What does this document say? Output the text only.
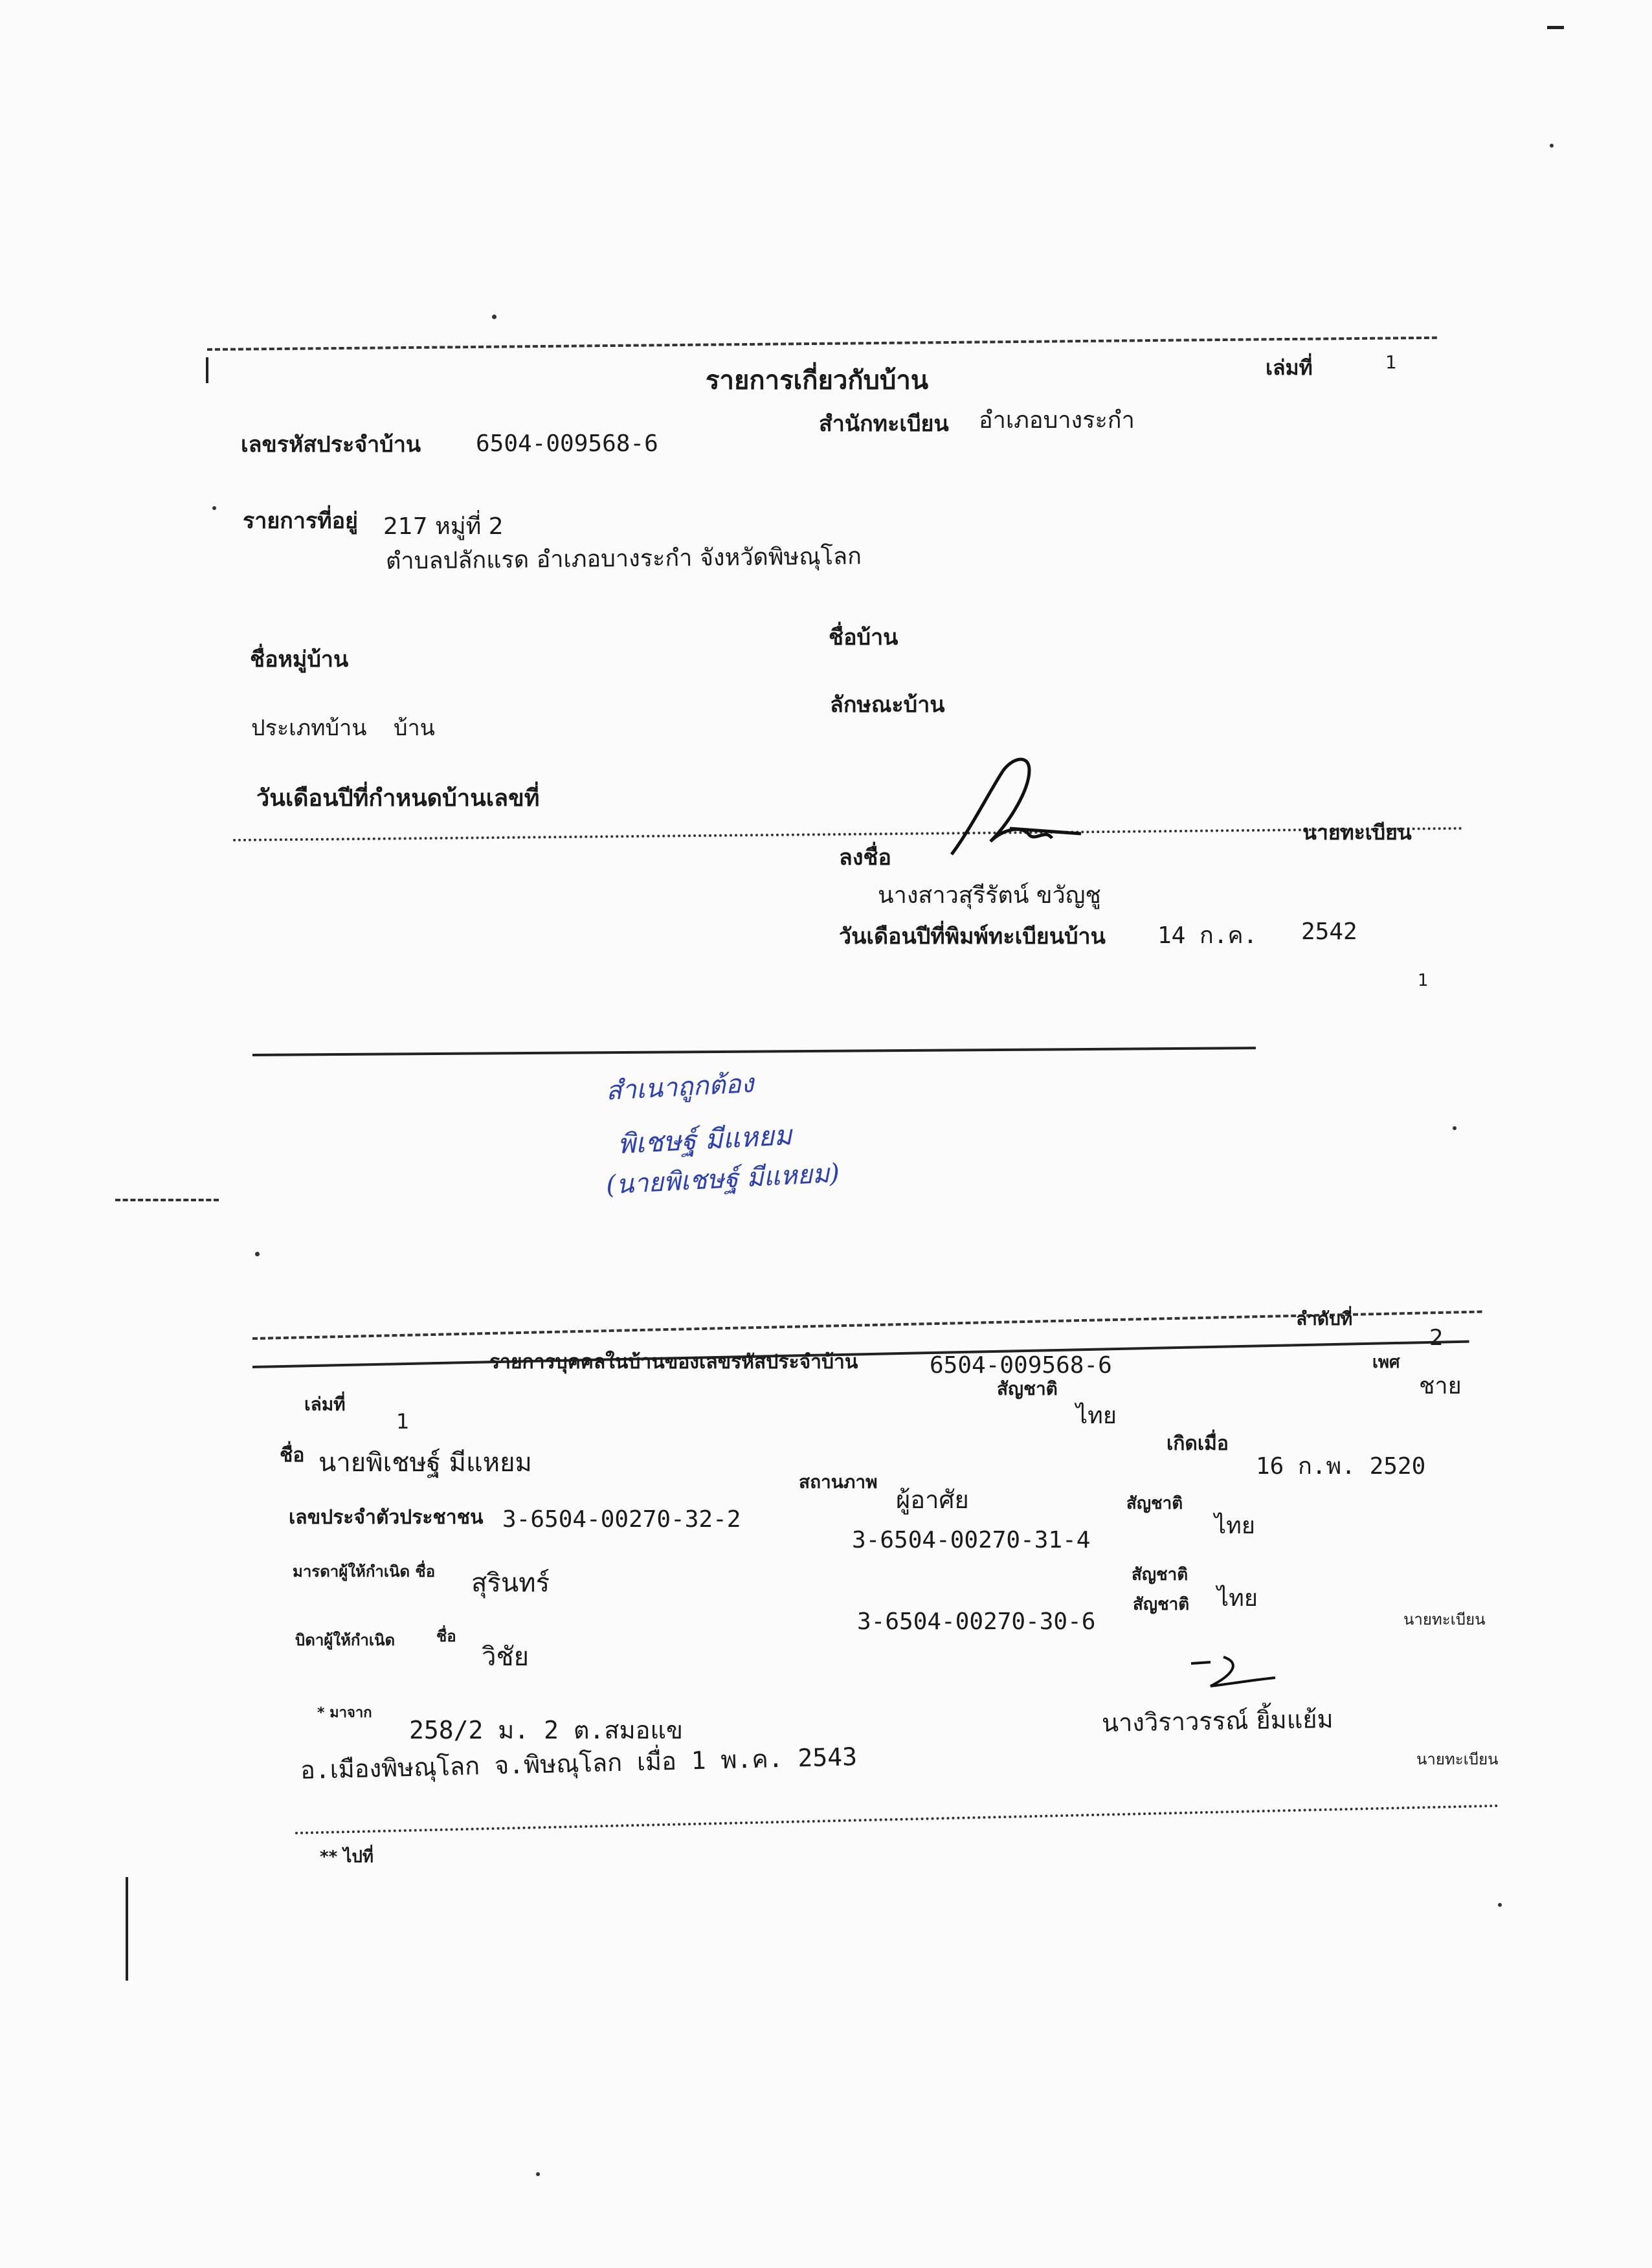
รายการเกี่ยวกับบ้าน	เล่มที่	1
เลขรหัสประจำบ้าน 6504-009568-6
สำนักทะเบียน อำเภอบางระกำ
รายการที่อยู่ 217 หมู่ที่ 2
ตำบลปลักแรด อำเภอบางระกำ จังหวัดพิษณุโลก
ชื่อหมู่บ้าน
ชื่อบ้าน
ประเภทบ้าน บ้าน
ลักษณะบ้าน
วันเดือนปีที่กำหนดบ้านเลขที่
ลงชื่อ
นายทะเบียน
นางสาวสุรีรัตน์ ขวัญชู
วันเดือนปีที่พิมพ์ทะเบียนบ้าน 14 ก.ค. 2542
1
สำเนาถูกต้อง
พิเชษฐ์ มีแหยม
(นายพิเชษฐ์ มีแหยม)
ลำดับที่
2
เล่มที่
1
รายการบุคคลในบ้านของเลขรหัสประจำบ้าน	6504-009568-6	เพศ
ชาย
สัญชาติ
ไทย
ชื่อ นายพิเชษฐ์ มีแหยม
เกิดเมื่อ
16 ก.พ. 2520
สถานภาพ
ผู้อาศัย	สัญชาติ
ไทย
เลขประจำตัวประชาชน 3-6504-00270-32-2
มารดาผู้ให้กำเนิด ชื่อ สุรินทร์
3-6504-00270-31-4
สัญชาติ
ไทย
บิดาผู้ให้กำเนิด	ชื่อ
วิชัย
3-6504-00270-30-6
สัญชาติ
นายทะเบียน
* มาจาก
258/2 ม. 2 ต.สมอแข	นางวิราวรรณ์ ยิ้มแย้ม
อ.เมืองพิษณุโลก จ.พิษณุโลก เมื่อ 1 พ.ค. 2543	นายทะเบียน
** ไปที่
